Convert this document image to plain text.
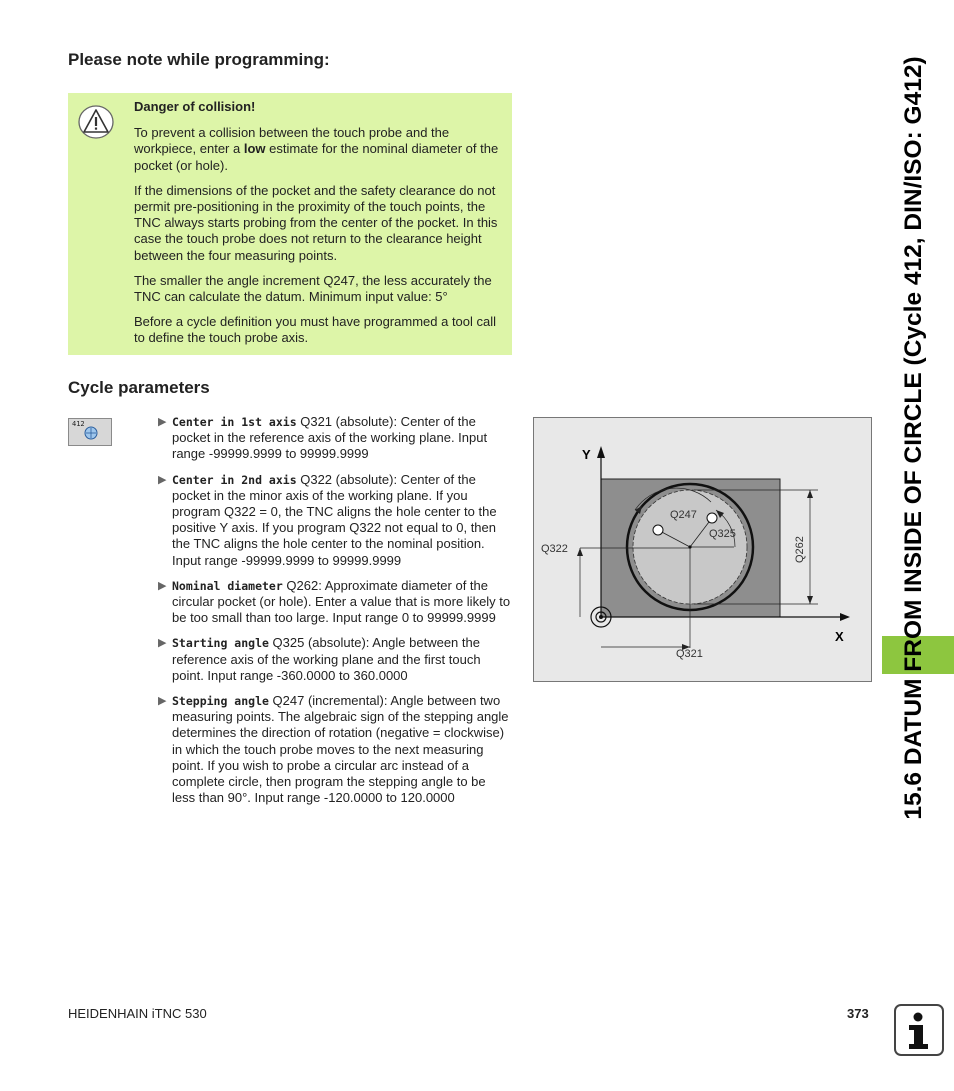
Please note while programming:

Danger of collision!

To prevent a collision between the touch probe and the workpiece, enter a low estimate for the nominal diameter of the pocket (or hole).

If the dimensions of the pocket and the safety clearance do not permit pre-positioning in the proximity of the touch points, the TNC always starts probing from the center of the pocket. In this case the touch probe does not return to the clearance height between the four measuring points.

The smaller the angle increment Q247, the less accurately the TNC can calculate the datum. Minimum input value: 5°

Before a cycle definition you must have programmed a tool call to define the touch probe axis.

Cycle parameters
412	▶ Center in 1st axis Q321 (absolute): Center of the pocket in the reference axis of the working plane. Input range -99999.9999 to 99999.9999
▶ Center in 2nd axis Q322 (absolute): Center of the pocket in the minor axis of the working plane. If you program Q322 = 0, the TNC aligns the hole center to the positive Y axis. If you program Q322 not equal to 0, then the TNC aligns the hole center to the nominal position. Input range -99999.9999 to 99999.9999
▶ Nominal diameter Q262: Approximate diameter of the circular pocket (or hole). Enter a value that is more likely to be too small than too large. Input range 0 to 99999.9999
▶ Starting angle Q325 (absolute): Angle between the reference axis of the working plane and the first touch point. Input range -360.0000 to 360.0000
▶ Stepping angle Q247 (incremental): Angle between two measuring points. The algebraic sign of the stepping angle determines the direction of rotation (negative = clockwise) in which the touch probe moves to the next measuring point. If you wish to probe a circular arc instead of a complete circle, then program the stepping angle to be less than 90°. Input range -120.0000 to 120.0000
Y
X
Q247
Q325
Q322
Q321
Q262	15.6 DATUM FROM INSIDE OF CIRCLE (Cycle 412, DIN/ISO: G412)
HEIDENHAIN iTNC 530	373
